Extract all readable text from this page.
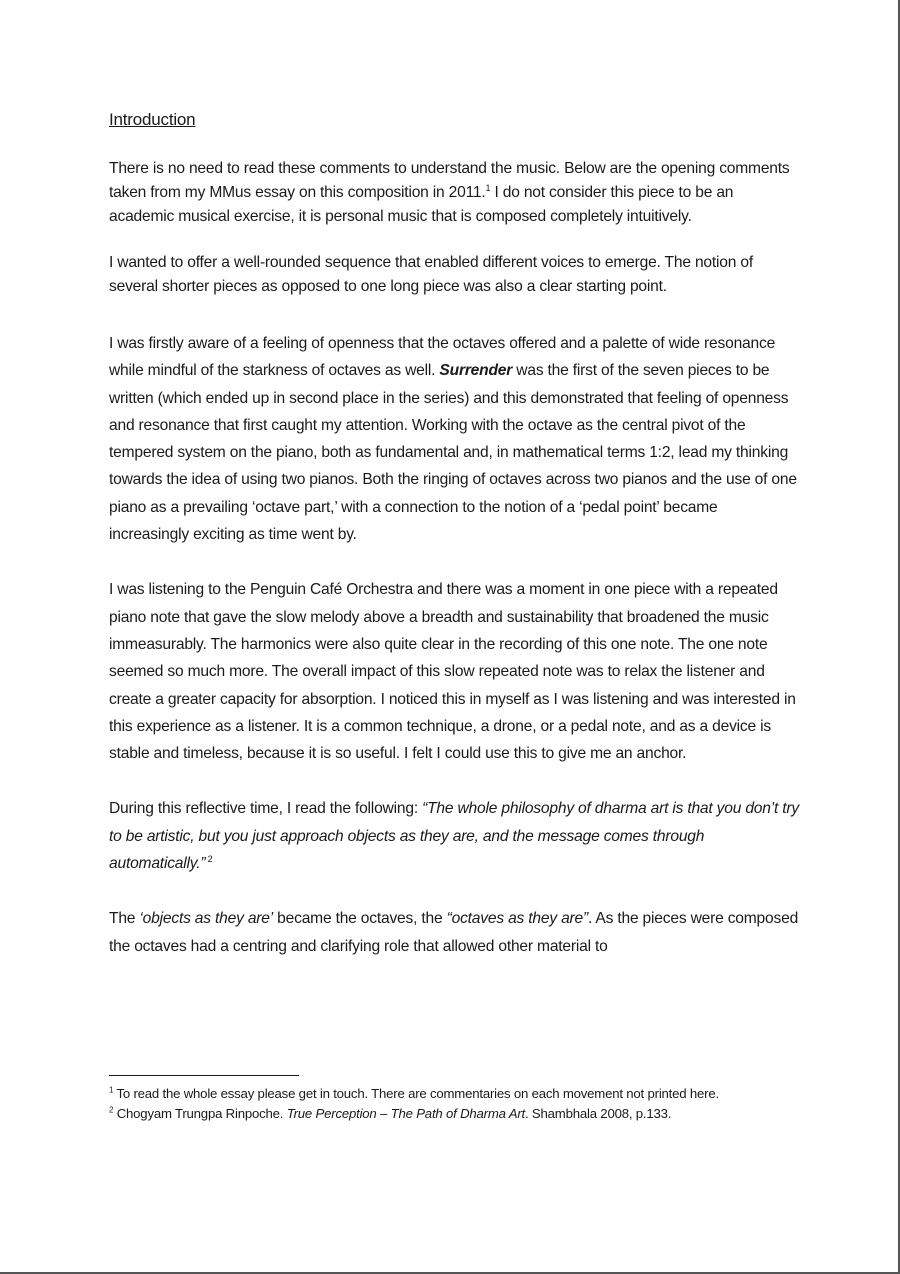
Introduction

There is no need to read these comments to understand the music. Below are the opening comments taken from my MMus essay on this composition in 2011.$^1$ I do not consider this piece to be an academic musical exercise, it is personal music that is composed completely intuitively.

I wanted to offer a well-rounded sequence that enabled different voices to emerge. The notion of several shorter pieces as opposed to one long piece was also a clear starting point.

I was firstly aware of a feeling of openness that the octaves offered and a palette of wide resonance while mindful of the starkness of octaves as well. Surrender was the first of the seven pieces to be written (which ended up in second place in the series) and this demonstrated that feeling of openness and resonance that first caught my attention. Working with the octave as the central pivot of the tempered system on the piano, both as fundamental and, in mathematical terms 1:2, lead my thinking towards the idea of using two pianos. Both the ringing of octaves across two pianos and the use of one piano as a prevailing ‘octave part,’ with a connection to the notion of a ‘pedal point’ became increasingly exciting as time went by.

I was listening to the Penguin Café Orchestra and there was a moment in one piece with a repeated piano note that gave the slow melody above a breadth and sustainability that broadened the music immeasurably. The harmonics were also quite clear in the recording of this one note. The one note seemed so much more. The overall impact of this slow repeated note was to relax the listener and create a greater capacity for absorption. I noticed this in myself as I was listening and was interested in this experience as a listener. It is a common technique, a drone, or a pedal note, and as a device is stable and timeless, because it is so useful. I felt I could use this to give me an anchor.

During this reflective time, I read the following: “The whole philosophy of dharma art is that you don’t try to be artistic, but you just approach objects as they are, and the message comes through automatically.” $^2$

The ‘objects as they are’ became the octaves, the “octaves as they are”. As the pieces were composed the octaves had a centring and clarifying role that allowed other material to

$^1$ To read the whole essay please get in touch. There are commentaries on each movement not printed here.
$^2$ Chogyam Trungpa Rinpoche. True Perception – The Path of Dharma Art. Shambhala 2008, p.133.
